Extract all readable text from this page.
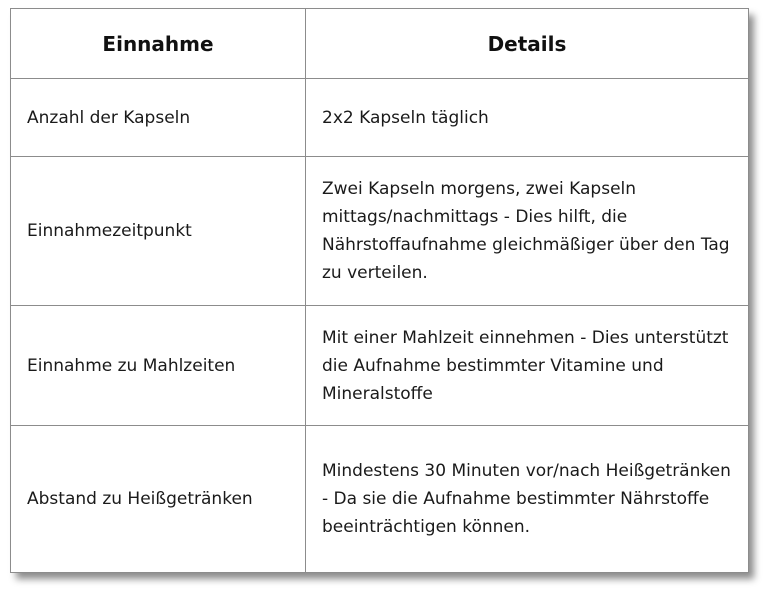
Einnahme	Details
Anzahl der Kapseln	2x2 Kapseln täglich
Einnahmezeitpunkt	Zwei Kapseln morgens, zwei Kapseln mittags/nachmittags - Dies hilft, die Nährstoffaufnahme gleichmäßiger über den Tag zu verteilen.
Einnahme zu Mahlzeiten	Mit einer Mahlzeit einnehmen - Dies unterstützt die Aufnahme bestimmter Vitamine und Mineralstoffe
Abstand zu Heißgetränken	Mindestens 30 Minuten vor/nach Heißgetränken - Da sie die Aufnahme bestimmter Nährstoffe beeinträchtigen können.
